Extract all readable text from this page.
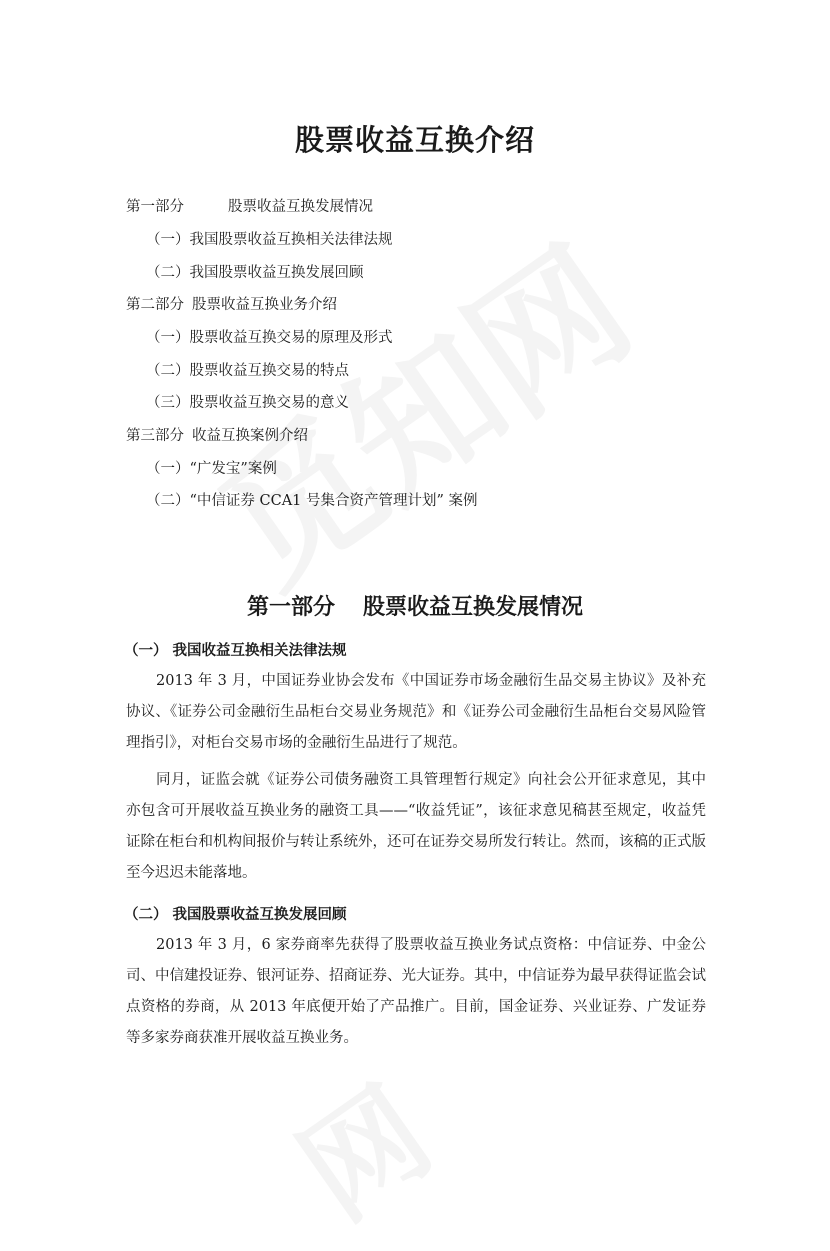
股票收益互换介绍
第一部分	股票收益互换发展情况
（一）我国股票收益互换相关法律法规
（二）我国股票收益互换发展回顾
第二部分 股票收益互换业务介绍
（一）股票收益互换交易的原理及形式
（二）股票收益互换交易的特点
（三）股票收益互换交易的意义
第三部分 收益互换案例介绍
（一）“广发宝”案例
（二）“中信证券 CCA1 号集合资产管理计划” 案例
第一部分 股票收益互换发展情况
（一） 我国收益互换相关法律法规
2013 年 3 月，中国证券业协会发布《中国证券市场金融衍生品交易主协议》及补充协议、《证券公司金融衍生品柜台交易业务规范》和《证券公司金融衍生品柜台交易风险管理指引》，对柜台交易市场的金融衍生品进行了规范。
同月，证监会就《证券公司债务融资工具管理暂行规定》向社会公开征求意见，其中亦包含可开展收益互换业务的融资工具——“收益凭证”，该征求意见稿甚至规定，收益凭证除在柜台和机构间报价与转让系统外，还可在证券交易所发行转让。然而，该稿的正式版至今迟迟未能落地。
（二） 我国股票收益互换发展回顾
2013 年 3 月，6 家券商率先获得了股票收益互换业务试点资格：中信证券、中金公司、中信建投证券、银河证券、招商证券、光大证券。其中，中信证券为最早获得证监会试点资格的券商，从 2013 年底便开始了产品推广。目前，国金证券、兴业证券、广发证券等多家券商获准开展收益互换业务。
